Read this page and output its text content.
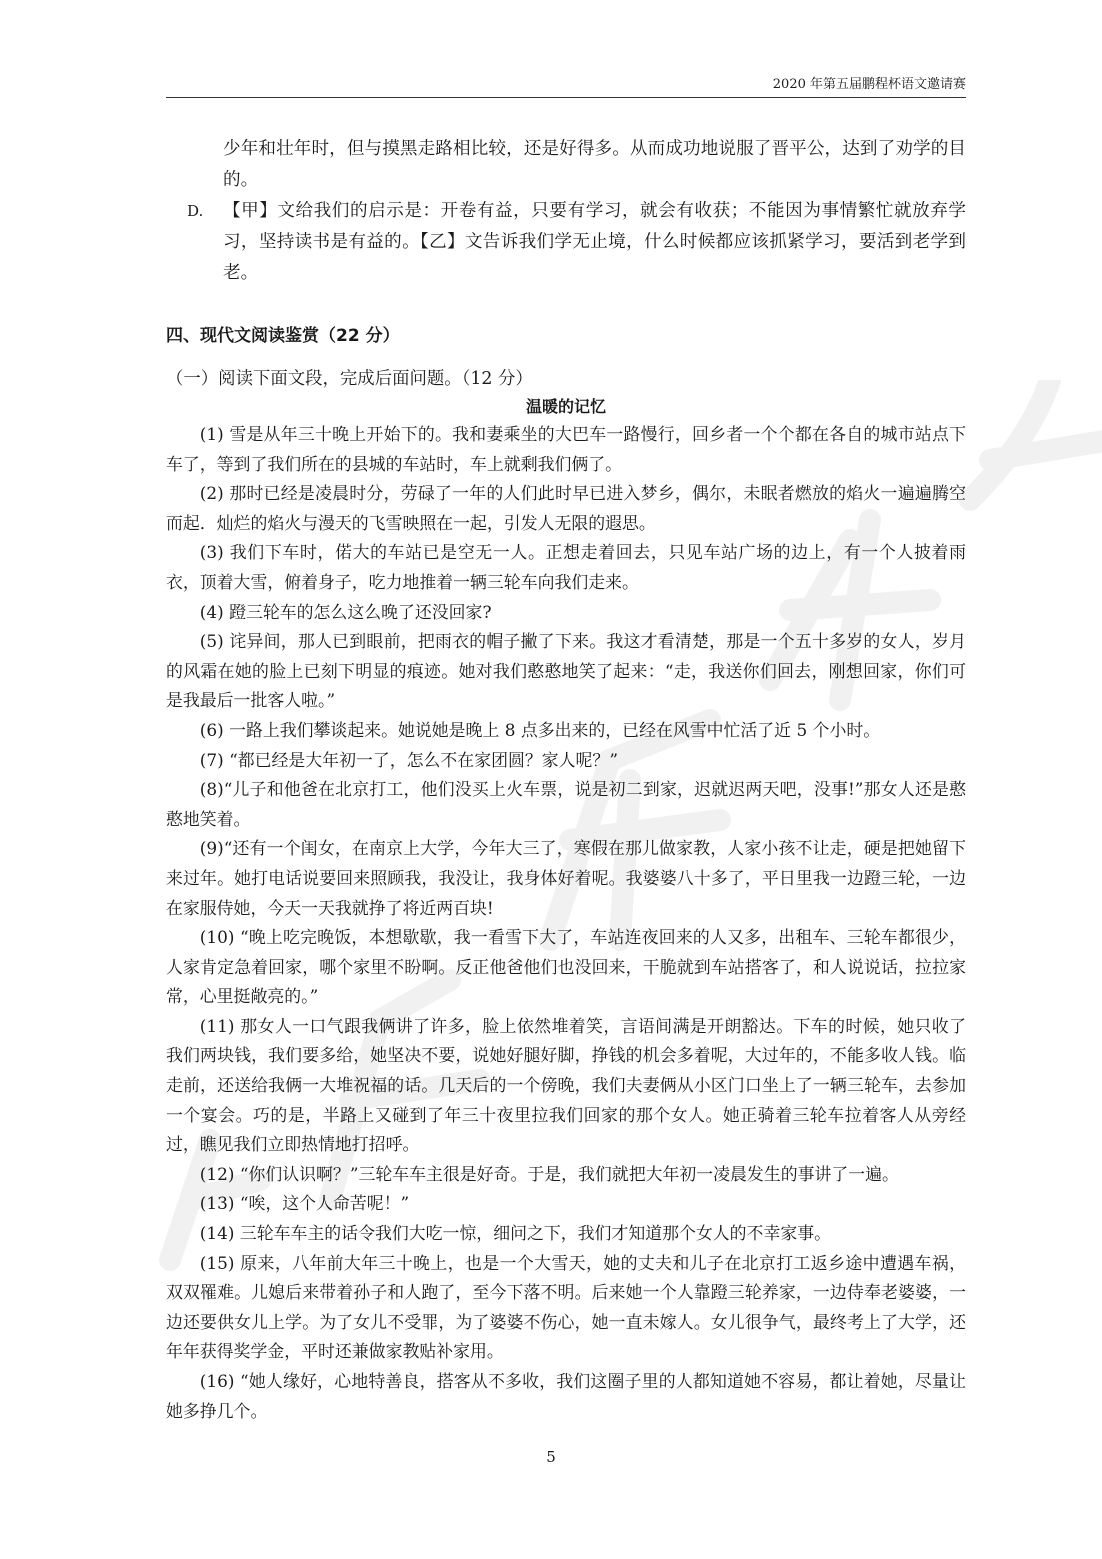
2020 年第五届鹏程杯语文邀请赛

少年和壮年时，但与摸黑走路相比较，还是好得多。从而成功地说服了晋平公，达到了劝学的目的。

D.	【甲】文给我们的启示是：开卷有益，只要有学习，就会有收获；不能因为事情繁忙就放弃学习，坚持读书是有益的。【乙】文告诉我们学无止境，什么时候都应该抓紧学习，要活到老学到老。
四、现代文阅读鉴赏（22 分）

（一）阅读下面文段，完成后面问题。（12 分）

温暖的记忆

(1) 雪是从年三十晚上开始下的。我和妻乘坐的大巴车一路慢行，回乡者一个个都在各自的城市站点下车了，等到了我们所在的县城的车站时，车上就剩我们俩了。

(2) 那时已经是凌晨时分，劳碌了一年的人们此时早已进入梦乡，偶尔，未眠者燃放的焰火一遍遍腾空而起．灿烂的焰火与漫天的飞雪映照在一起，引发人无限的遐思。

(3) 我们下车时，偌大的车站已是空无一人。正想走着回去，只见车站广场的边上，有一个人披着雨衣，顶着大雪，俯着身子，吃力地推着一辆三轮车向我们走来。

(4) 蹬三轮车的怎么这么晚了还没回家?

(5) 诧异间，那人已到眼前，把雨衣的帽子撇了下来。我这才看清楚，那是一个五十多岁的女人，岁月的风霜在她的脸上已刻下明显的痕迹。她对我们憨憨地笑了起来：“走，我送你们回去，刚想回家，你们可是我最后一批客人啦。”

(6) 一路上我们攀谈起来。她说她是晚上 8 点多出来的，已经在风雪中忙活了近 5 个小时。

(7) “都已经是大年初一了，怎么不在家团圆？家人呢？”

(8)“儿子和他爸在北京打工，他们没买上火车票，说是初二到家，迟就迟两天吧，没事!”那女人还是憨憨地笑着。

(9)“还有一个闺女，在南京上大学，今年大三了，寒假在那儿做家教，人家小孩不让走，硬是把她留下来过年。她打电话说要回来照顾我，我没让，我身体好着呢。我婆婆八十多了，平日里我一边蹬三轮，一边在家服侍她，今天一天我就挣了将近两百块!

(10) “晚上吃完晚饭，本想歇歇，我一看雪下大了，车站连夜回来的人又多，出租车、三轮车都很少，人家肯定急着回家，哪个家里不盼啊。反正他爸他们也没回来，干脆就到车站搭客了，和人说说话，拉拉家常，心里挺敞亮的。”

(11) 那女人一口气跟我俩讲了许多，脸上依然堆着笑，言语间满是开朗豁达。下车的时候，她只收了我们两块钱，我们要多给，她坚决不要，说她好腿好脚，挣钱的机会多着呢，大过年的，不能多收人钱。临走前，还送给我俩一大堆祝福的话。几天后的一个傍晚，我们夫妻俩从小区门口坐上了一辆三轮车，去参加一个宴会。巧的是，半路上又碰到了年三十夜里拉我们回家的那个女人。她正骑着三轮车拉着客人从旁经过，瞧见我们立即热情地打招呼。

(12) “你们认识啊？”三轮车车主很是好奇。于是，我们就把大年初一凌晨发生的事讲了一遍。

(13) “唉，这个人命苦呢！”

(14) 三轮车车主的话令我们大吃一惊，细问之下，我们才知道那个女人的不幸家事。

(15) 原来，八年前大年三十晚上，也是一个大雪天，她的丈夫和儿子在北京打工返乡途中遭遇车祸，双双罹难。儿媳后来带着孙子和人跑了，至今下落不明。后来她一个人靠蹬三轮养家，一边侍奉老婆婆，一边还要供女儿上学。为了女儿不受罪，为了婆婆不伤心，她一直未嫁人。女儿很争气，最终考上了大学，还年年获得奖学金，平时还兼做家教贴补家用。

(16) “她人缘好，心地特善良，搭客从不多收，我们这圈子里的人都知道她不容易，都让着她，尽量让她多挣几个。

5
